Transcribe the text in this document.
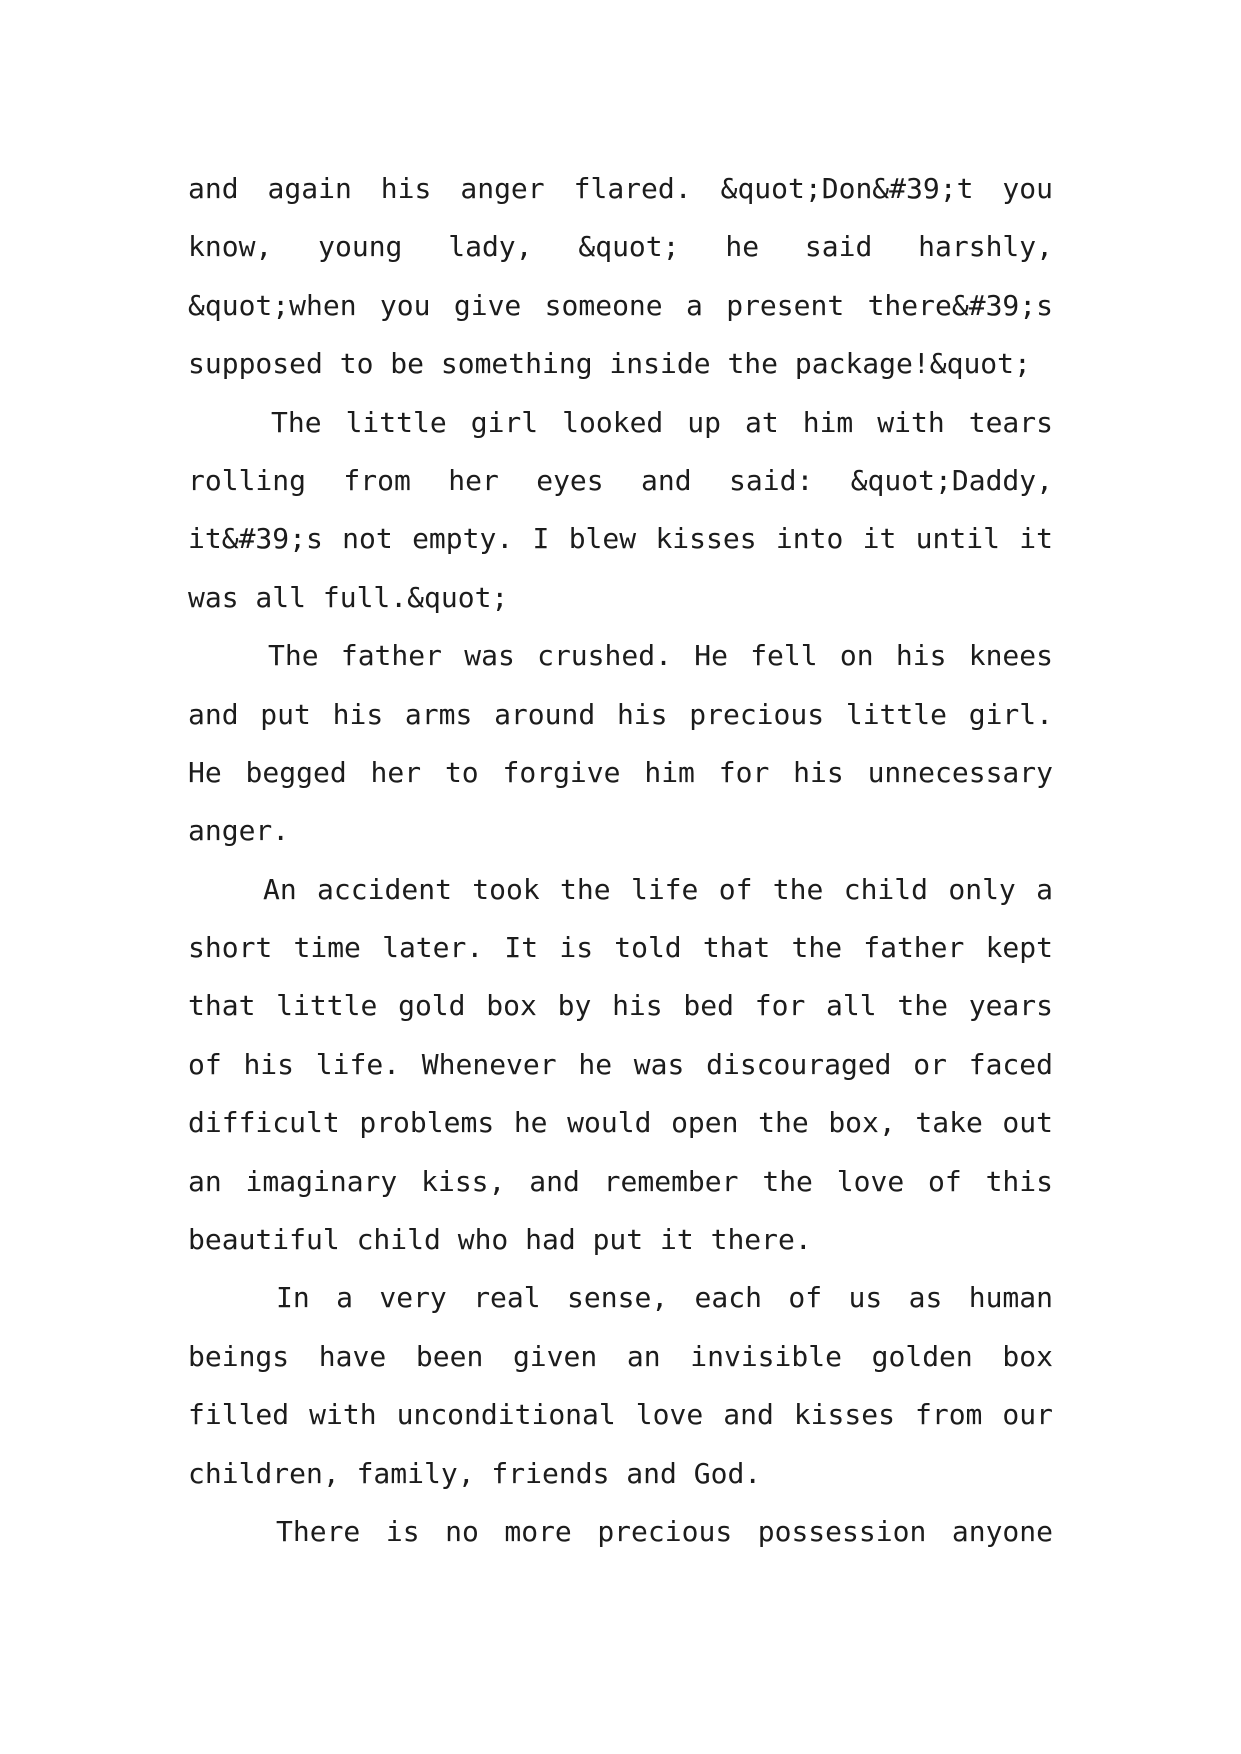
and again his anger flared. &quot;Don&#39;t you
know, young lady, &quot; he said harshly,
&quot;when you give someone a present there&#39;s
supposed to be something inside the package!&quot;
The little girl looked up at him with tears
rolling from her eyes and said: &quot;Daddy,
it&#39;s not empty. I blew kisses into it until it
was all full.&quot;
The father was crushed. He fell on his knees
and put his arms around his precious little girl.
He begged her to forgive him for his unnecessary
anger.
An accident took the life of the child only a
short time later. It is told that the father kept
that little gold box by his bed for all the years
of his life. Whenever he was discouraged or faced
difficult problems he would open the box, take out
an imaginary kiss, and remember the love of this
beautiful child who had put it there.
In a very real sense, each of us as human
beings have been given an invisible golden box
filled with unconditional love and kisses from our
children, family, friends and God.
There is no more precious possession anyone
